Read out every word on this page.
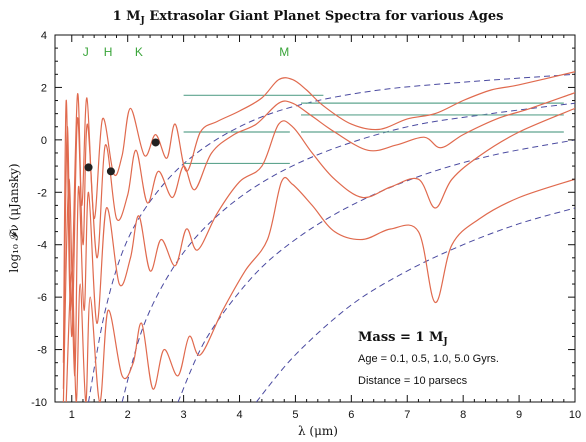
1 $M_J$ Extrasolar Giant Planet Spectra for various Ages
1	2	3	4	5	6	7	8	9	10
-10
-8
-6
-4
-2
0
2
4
J H K	M
λ (μm)
log₁₀ 𝓕ν (μJansky)
Mass = 1 $M_J$
Age = 0.1, 0.5, 1.0, 5.0 Gyrs.
Distance = 10 parsecs
